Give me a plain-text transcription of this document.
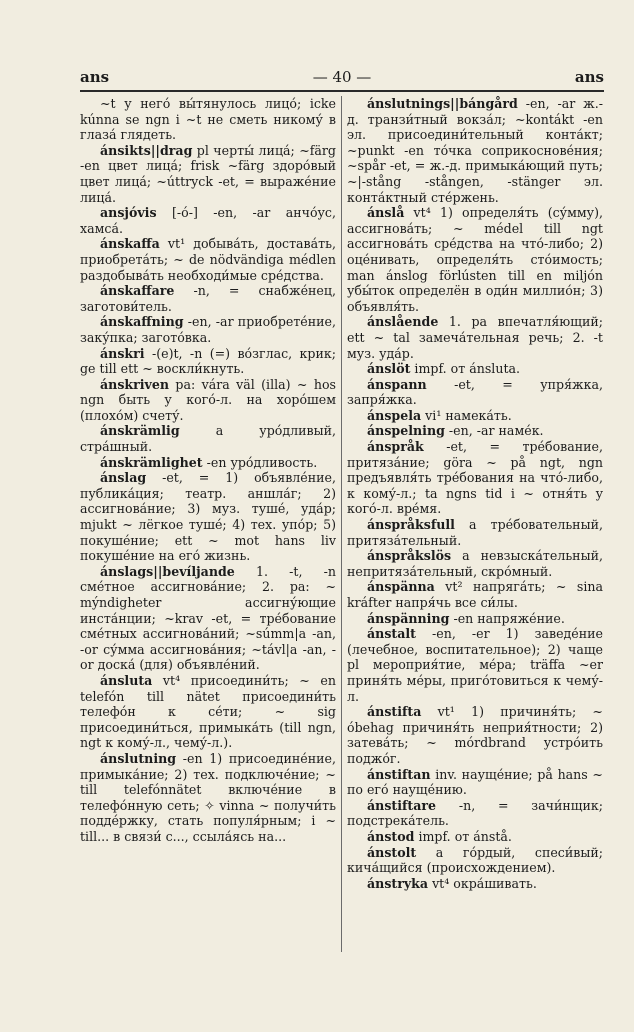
ans	— 40 —	ans

~t у него́ вы́тянулось лицо́; icke kúnna se ngn i ~t не сметь никому́ в глаза́ глядеть.

ánsikts||drag pl черты́ лица́; ~färg -en цвет лица́; frisk ~färg здоро́вый цвет лица́; ~úttryck -et, = выраже́ние лица́.

ansjóvis [-ó-] -en, -ar анчо́ус, хамса́.

ánskaffa vt¹ добыва́ть, достава́ть, приобрета́ть; ~ de nödvändiga médlen раздобыва́ть необходи́мые сре́дства.

ánskaffare -n, = снабже́нец, заготови́тель.

ánskaffning -en, -ar приобрете́ние, заку́пка; загото́вка.

ánskri -(e)t, -n (=) во́зглас, крик; ge till ett ~ воскли́кнуть.

ánskriven pa: vára väl (illa) ~ hos ngn быть у кого́-л. на хоро́шем (плохо́м) счету́.

ánskrämlig a уро́дливый, стра́шный.

ánskrämlighet -en уро́дливость.

ánslag -et, = 1) объявле́ние, публика́ция; театр. аншла́г; 2) ассигнова́ние; 3) муз. туше́, уда́р; mjukt ~ лёгкое туше́; 4) тех. упо́р; 5) покуше́ние; ett ~ mot hans liv покуше́ние на его́ жизнь.

ánslags||bevíljande 1. -t, -n сме́тное ассигнова́ние; 2. pa: ~ mýndigheter ассигну́ющие инста́нции; ~krav -et, = тре́бование сме́тных ассигнова́ний; ~súmm|a -an, -or су́мма ассигнова́ния; ~távl|a -an, -or доска́ (для) объявле́ний.

ánsluta vt⁴ присоедини́ть; ~ en telefón till nätet присоедини́ть телефо́н к се́ти; ~ sig присоедини́ться, примыка́ть (till ngn, ngt к кому́-л., чему́-л.).

ánslutning -en 1) присоедине́ние, примыка́ние; 2) тех. подключе́ние; ~ till telefónnätet включе́ние в телефо́нную сеть; ✧ vinna ~ получи́ть подде́ржку, стать популя́рным; i ~ till... в связи́ с..., ссыла́ясь на...

ánslutnings||bángård -en, -ar ж.-д. транзи́тный вокза́л; ~kontákt -en эл. присоедини́тельный конта́кт; ~punkt -en то́чка соприкоснове́ния; ~spår -et, = ж.-д. примыка́ющий путь; ~|-stång -stången, -stänger эл. конта́ктный сте́ржень.

ánslå vt⁴ 1) определя́ть (су́мму), ассигнова́ть; ~ médel till ngt ассигнова́ть сре́дства на что́-либо; 2) оце́нивать, определя́ть сто́имость; man ánslog förlústen till en miljón убы́ток определён в оди́н миллио́н; 3) объявля́ть.

ánslående 1. pa впечатля́ющий; ett ~ tal замеча́тельная речь; 2. -t муз. уда́р.

ánslöt impf. от ánsluta.

ánspann -et, = упря́жка, запря́жка.

ánspela vi¹ намека́ть.

ánspelning -en, -ar наме́к.

ánspråk -et, = тре́бование, притяза́ние; göra ~ på ngt, ngn предъявля́ть тре́бования на что́-либо, к кому́-л.; ta ngns tid i ~ отня́ть у кого́-л. вре́мя.

ánspråksfull a тре́бовательный, притяза́тельный.

ánspråkslös a невзыска́тельный, непритяза́тельный, скро́мный.

ánspänna vt² напряга́ть; ~ sina kráfter напря́чь все си́лы.

ánspänning -en напряже́ние.

ánstalt -en, -er 1) заведе́ние (лечебное, воспитательное); 2) чаще pl мероприя́тие, ме́ра; träffa ~er приня́ть ме́ры, приго́товиться к чему́-л.

ánstifta vt¹ 1) причиня́ть; ~ óbehag причиня́ть неприя́тности; 2) затева́ть; ~ mórdbrand устро́ить поджо́г.

ánstiftan inv. науще́ние; på hans ~ по его́ науще́нию.

ánstiftare -n, = зачи́нщик; подстрека́тель.

ánstod impf. от ánstå.

ánstolt a го́рдый, спеси́вый; кича́щийся (происхождением).

ánstryka vt⁴ окра́шивать.
